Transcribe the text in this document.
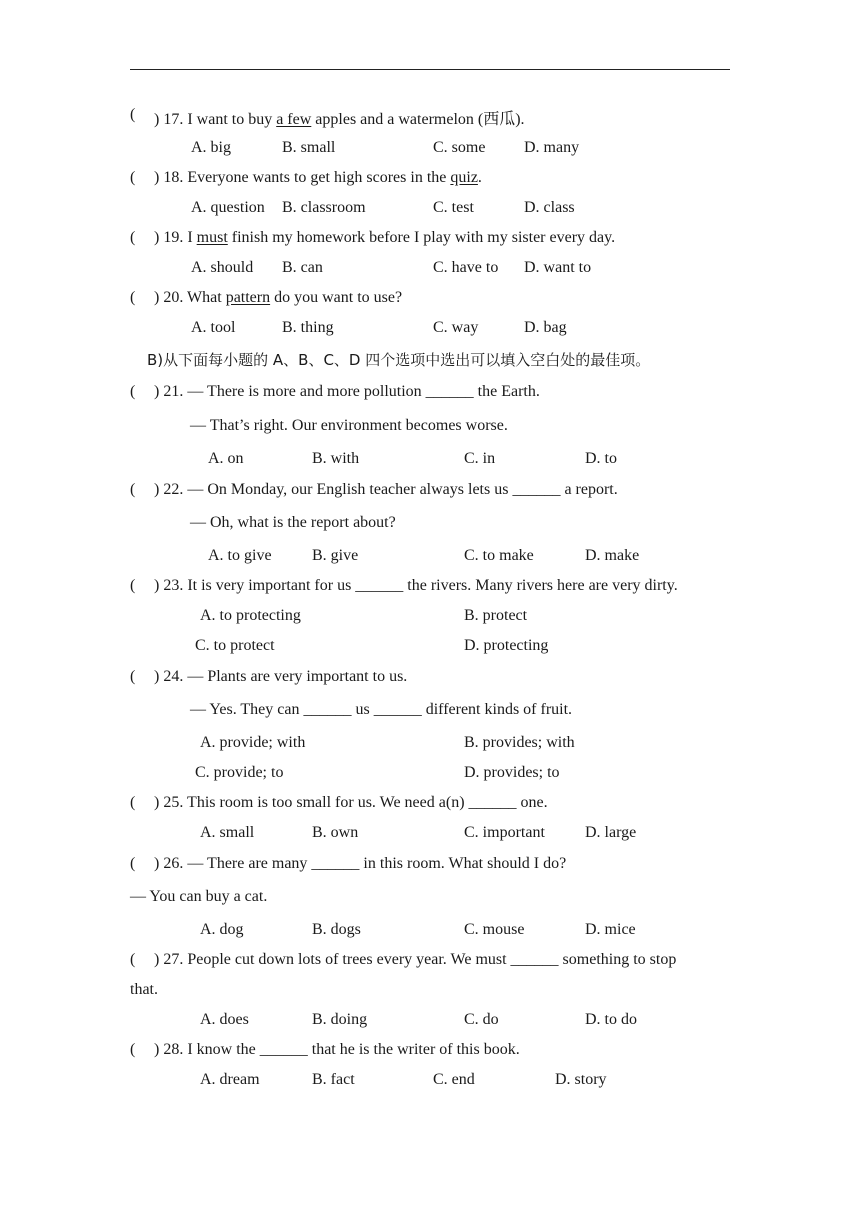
( ) 17. I want to buy a few apples and a watermelon (西瓜).
A. big	B. small	C. some D. many
( ) 18. Everyone wants to get high scores in the quiz.
A. question B. classroom	C. test	D. class
( ) 19. I must finish my homework before I play with my sister every day.
A. should B. can	C. have to D. want to
( ) 20. What pattern do you want to use?
A. tool	B. thing	C. way	D. bag
B)从下面每小题的 A、B、C、D 四个选项中选出可以填入空白处的最佳项。
( ) 21. — There is more and more pollution ______ the Earth.
— That’s right. Our environment becomes worse.
A. on	B. with	C. in	D. to
( ) 22. — On Monday, our English teacher always lets us ______ a report.
— Oh, what is the report about?
A. to give	B. give	C. to make	D. make
( ) 23. It is very important for us ______ the rivers. Many rivers here are very dirty.
A. to protecting	B. protect
C. to protect	D. protecting
( ) 24. — Plants are very important to us.
— Yes. They can ______ us ______ different kinds of fruit.
A. provide; with	B. provides; with
C. provide; to	D. provides; to
( ) 25. This room is too small for us. We need a(n) ______ one.
A. small	B. own	C. important	D. large
( ) 26. — There are many ______ in this room. What should I do?
— You can buy a cat.
A. dog	B. dogs	C. mouse	D. mice
( ) 27. People cut down lots of trees every year. We must ______ something to stop
that.
A. does	B. doing	C. do	D. to do
( ) 28. I know the ______ that he is the writer of this book.
A. dream	B. fact	C. end	D. story
